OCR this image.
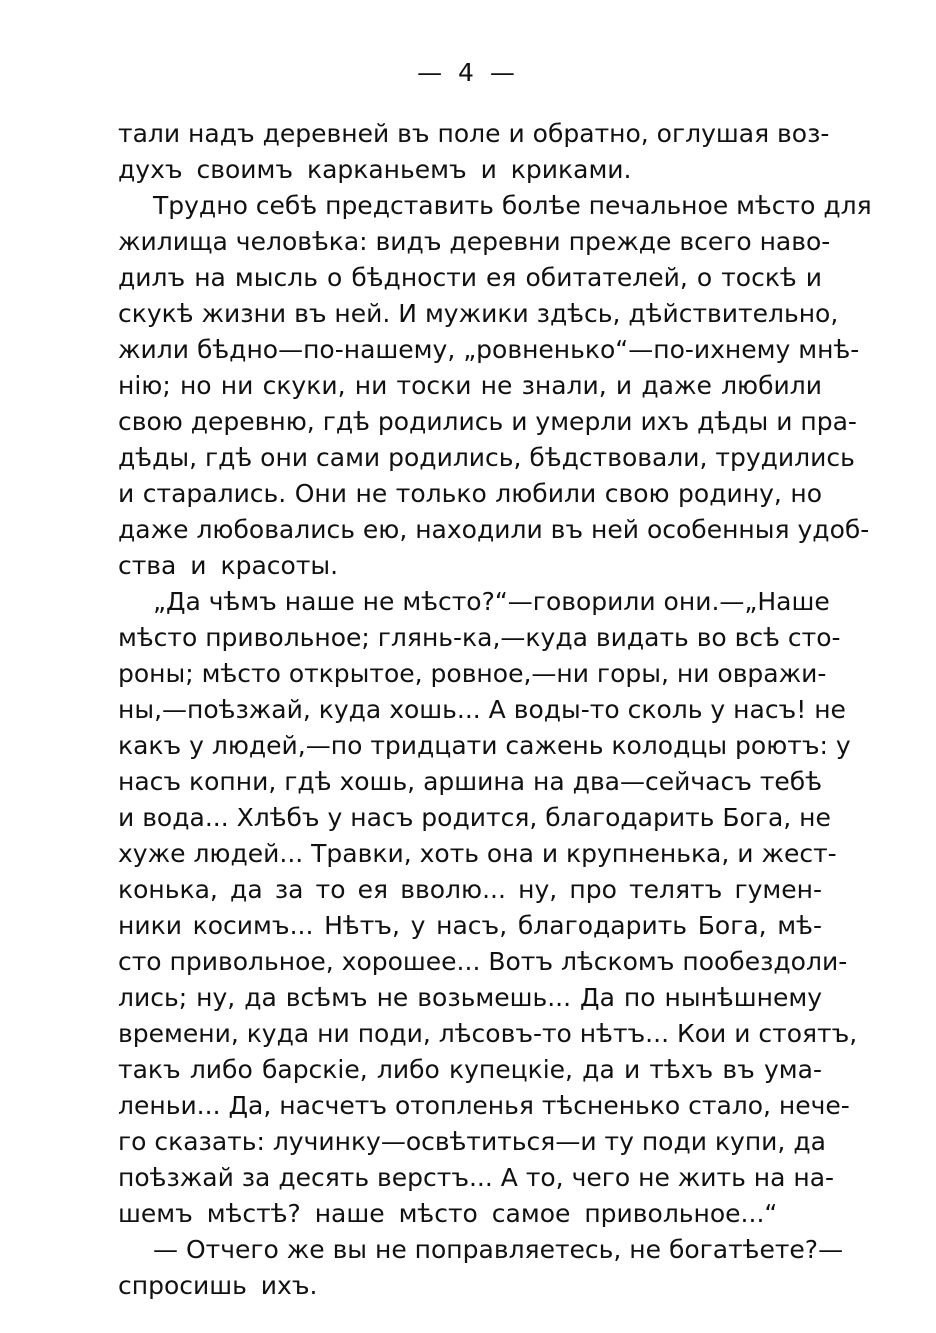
— 4 —
тали надъ деревней въ поле и обратно, оглушая воз-
духъ своимъ карканьемъ и криками.
Трудно себѣ представить болѣе печальное мѣсто для
жилища человѣка: видъ деревни прежде всего наво-
дилъ на мысль о бѣдности ея обитателей, о тоскѣ и
скукѣ жизни въ ней. И мужики здѣсь, дѣйствительно,
жили бѣдно—по-нашему, „ровненько“—по-ихнему мнѣ-
нію; но ни скуки, ни тоски не знали, и даже любили
свою деревню, гдѣ родились и умерли ихъ дѣды и пра-
дѣды, гдѣ они сами родились, бѣдствовали, трудились
и старались. Они не только любили свою родину, но
даже любовались ею, находили въ ней особенныя удоб-
ства и красоты.
„Да чѣмъ наше не мѣсто?“—говорили они.—„Наше
мѣсто привольное; глянь-ка,—куда видать во всѣ сто-
роны; мѣсто открытое, ровное,—ни горы, ни оврaжи-
ны,—поѣзжай, куда хошь... А воды-то сколь у насъ! не
какъ у людей,—по тридцати сажень колодцы роютъ: у
насъ копни, гдѣ хошь, аршина на два—сейчасъ тебѣ
и вода... Хлѣбъ у насъ родится, благодарить Бога, не
хуже людей... Травки, хоть она и крупненька, и жест-
конька, да за то ея вволю... ну, про телятъ гумен-
ники косимъ... Нѣтъ, у насъ, благодарить Бога, мѣ-
сто привольное, хорошее... Вотъ лѣскомъ пообездоли-
лись; ну, да всѣмъ не возьмешь... Да по нынѣшнему
времени, куда ни поди, лѣсовъ-то нѣтъ... Кои и стоятъ,
такъ либо барскіе, либо купецкіе, да и тѣхъ въ ума-
леньи... Да, насчетъ отопленья тѣсненько стало, нече-
го сказать: лучинку—освѣтиться—и ту поди купи, да
поѣзжай за десять верстъ... А то, чего не жить на на-
шемъ мѣстѣ? наше мѣсто самое привольное...“
— Отчего же вы не поправляетесь, не богатѣете?—
спросишь ихъ.
